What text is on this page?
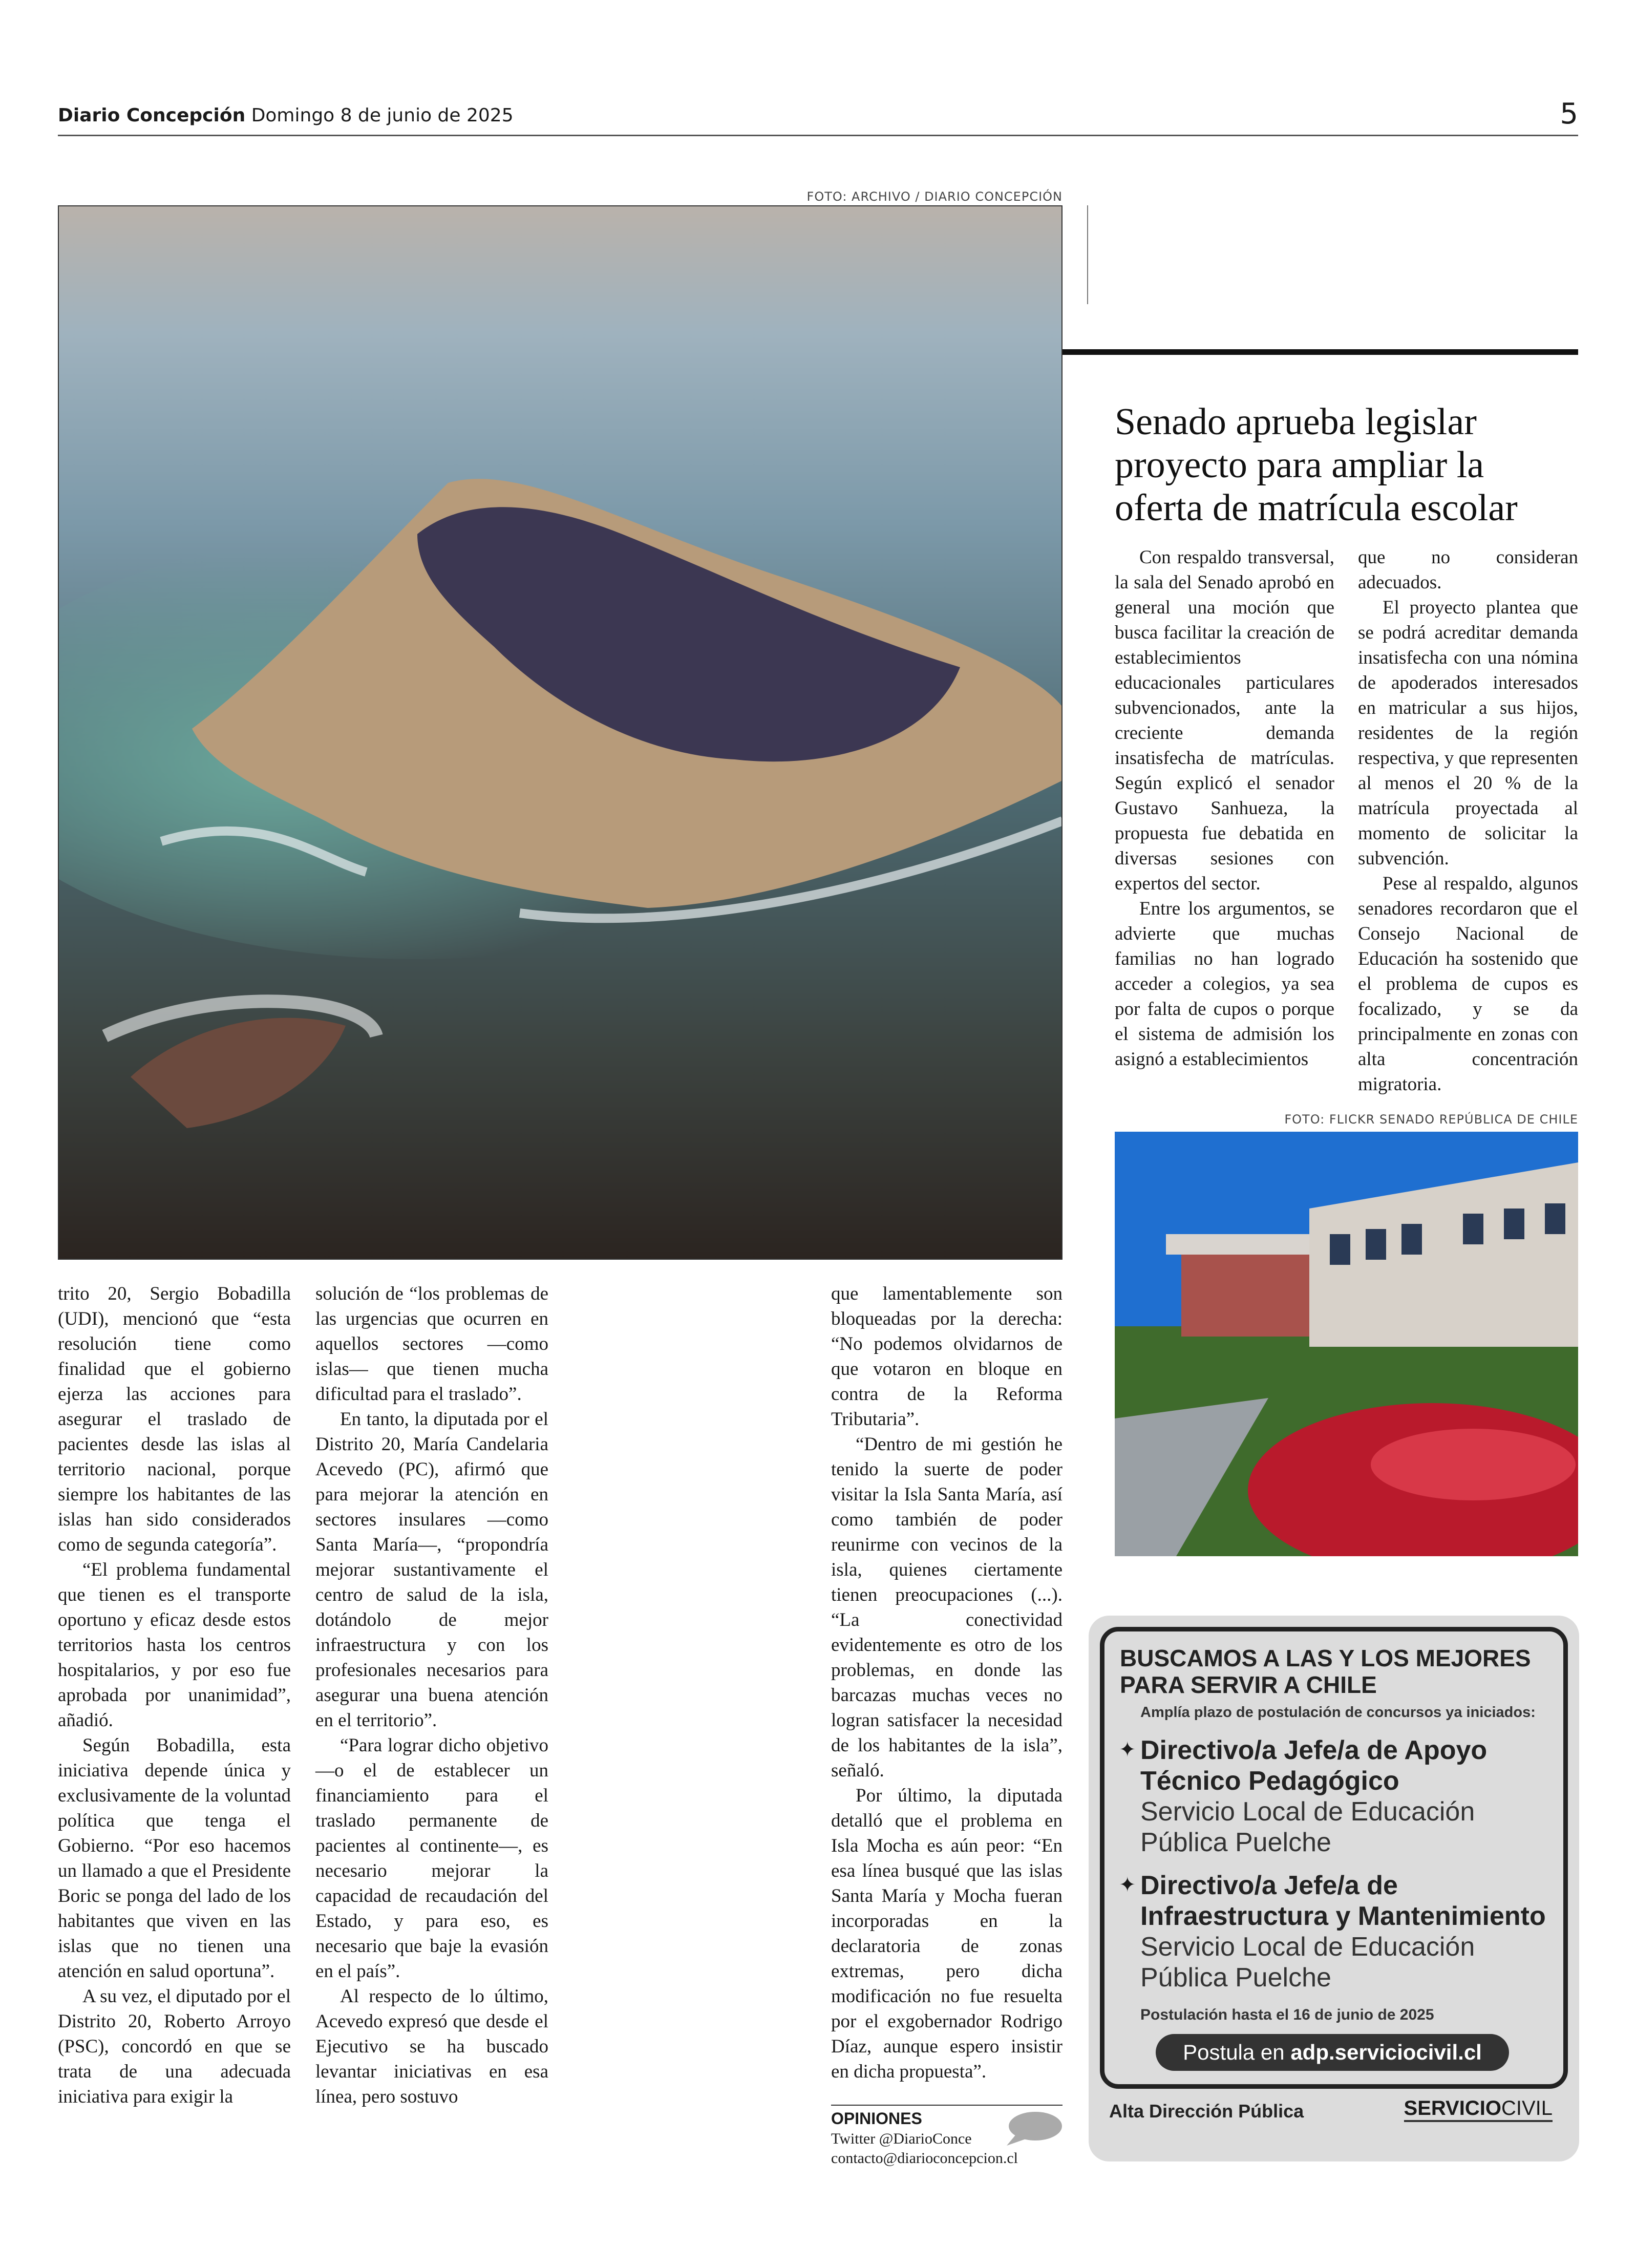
Diario Concepción Domingo 8 de junio de 2025	5
FOTO: ARCHIVO / DIARIO CONCEPCIÓN
Senado aprueba legislar proyecto para ampliar la oferta de matrícula escolar

Con respaldo transversal, la sala del Senado aprobó en general una moción que busca facilitar la creación de establecimientos educacionales particulares subvencionados, ante la creciente demanda insatisfecha de matrículas. Según explicó el senador Gustavo Sanhueza, la propuesta fue debatida en diversas sesiones con expertos del sector.

Entre los argumentos, se advierte que muchas familias no han logrado acceder a colegios, ya sea por falta de cupos o porque el sistema de admisión los asignó a establecimientos

que no consideran adecuados.

El proyecto plantea que se podrá acreditar demanda insatisfecha con una nómina de apoderados interesados en matricular a sus hijos, residentes de la región respectiva, y que representen al menos el 20 % de la matrícula proyectada al momento de solicitar la subvención.

Pese al respaldo, algunos senadores recordaron que el Consejo Nacional de Educación ha sostenido que el problema de cupos es focalizado, y se da principalmente en zonas con alta concentración migratoria.

FOTO: FLICKR SENADO REPÚBLICA DE CHILE

trito 20, Sergio Bobadilla (UDI), mencionó que “esta resolución tiene como finalidad que el gobierno ejerza las acciones para asegurar el traslado de pacientes desde las islas al territorio nacional, porque siempre los habitantes de las islas han sido considerados como de segunda categoría”.

“El problema fundamental que tienen es el transporte oportuno y eficaz desde estos territorios hasta los centros hospitalarios, y por eso fue aprobada por unanimidad”, añadió.

Según Bobadilla, esta iniciativa depende única y exclusivamente de la voluntad política que tenga el Gobierno. “Por eso hacemos un llamado a que el Presidente Boric se ponga del lado de los habitantes que viven en las islas que no tienen una atención en salud oportuna”.

A su vez, el diputado por el Distrito 20, Roberto Arroyo (PSC), concordó en que se trata de una adecuada iniciativa para exigir la

solución de “los problemas de las urgencias que ocurren en aquellos sectores —como islas— que tienen mucha dificultad para el traslado”.

En tanto, la diputada por el Distrito 20, María Candelaria Acevedo (PC), afirmó que para mejorar la atención en sectores insulares —como Santa María—, “propondría mejorar sustantivamente el centro de salud de la isla, dotándolo de mejor infraestructura y con los profesionales necesarios para asegurar una buena atención en el territorio”.

“Para lograr dicho objetivo —o el de establecer un financiamiento para el traslado permanente de pacientes al continente—, es necesario mejorar la capacidad de recaudación del Estado, y para eso, es necesario que baje la evasión en el país”.

Al respecto de lo último, Acevedo expresó que desde el Ejecutivo se ha buscado levantar iniciativas en esa línea, pero sostuvo

que lamentablemente son bloqueadas por la derecha: “No podemos olvidarnos de que votaron en bloque en contra de la Reforma Tributaria”.

“Dentro de mi gestión he tenido la suerte de poder visitar la Isla Santa María, así como también de poder reunirme con vecinos de la isla, quienes ciertamente tienen preocupaciones (...). “La conectividad evidentemente es otro de los problemas, en donde las barcazas muchas veces no logran satisfacer la necesidad de los habitantes de la isla”, señaló.

Por último, la diputada detalló que el problema en Isla Mocha es aún peor: “En esa línea busqué que las islas Santa María y Mocha fueran incorporadas en la declaratoria de zonas extremas, pero dicha modificación no fue resuelta por el exgobernador Rodrigo Díaz, aunque espero insistir en dicha propuesta”.

OPINIONES
Twitter @DiarioConce
contacto@diarioconcepcion.cl
BUSCAMOS A LAS Y LOS MEJORES
PARA SERVIR A CHILE
Amplía plazo de postulación de concursos ya iniciados:
✦ Directivo/a Jefe/a de Apoyo Técnico Pedagógico
Servicio Local de Educación Pública Puelche
✦ Directivo/a Jefe/a de Infraestructura y Mantenimiento
Servicio Local de Educación Pública Puelche
Postulación hasta el 16 de junio de 2025
Postula en adp.serviciocivil.cl
Alta Dirección Pública	SERVICIOCIVIL
